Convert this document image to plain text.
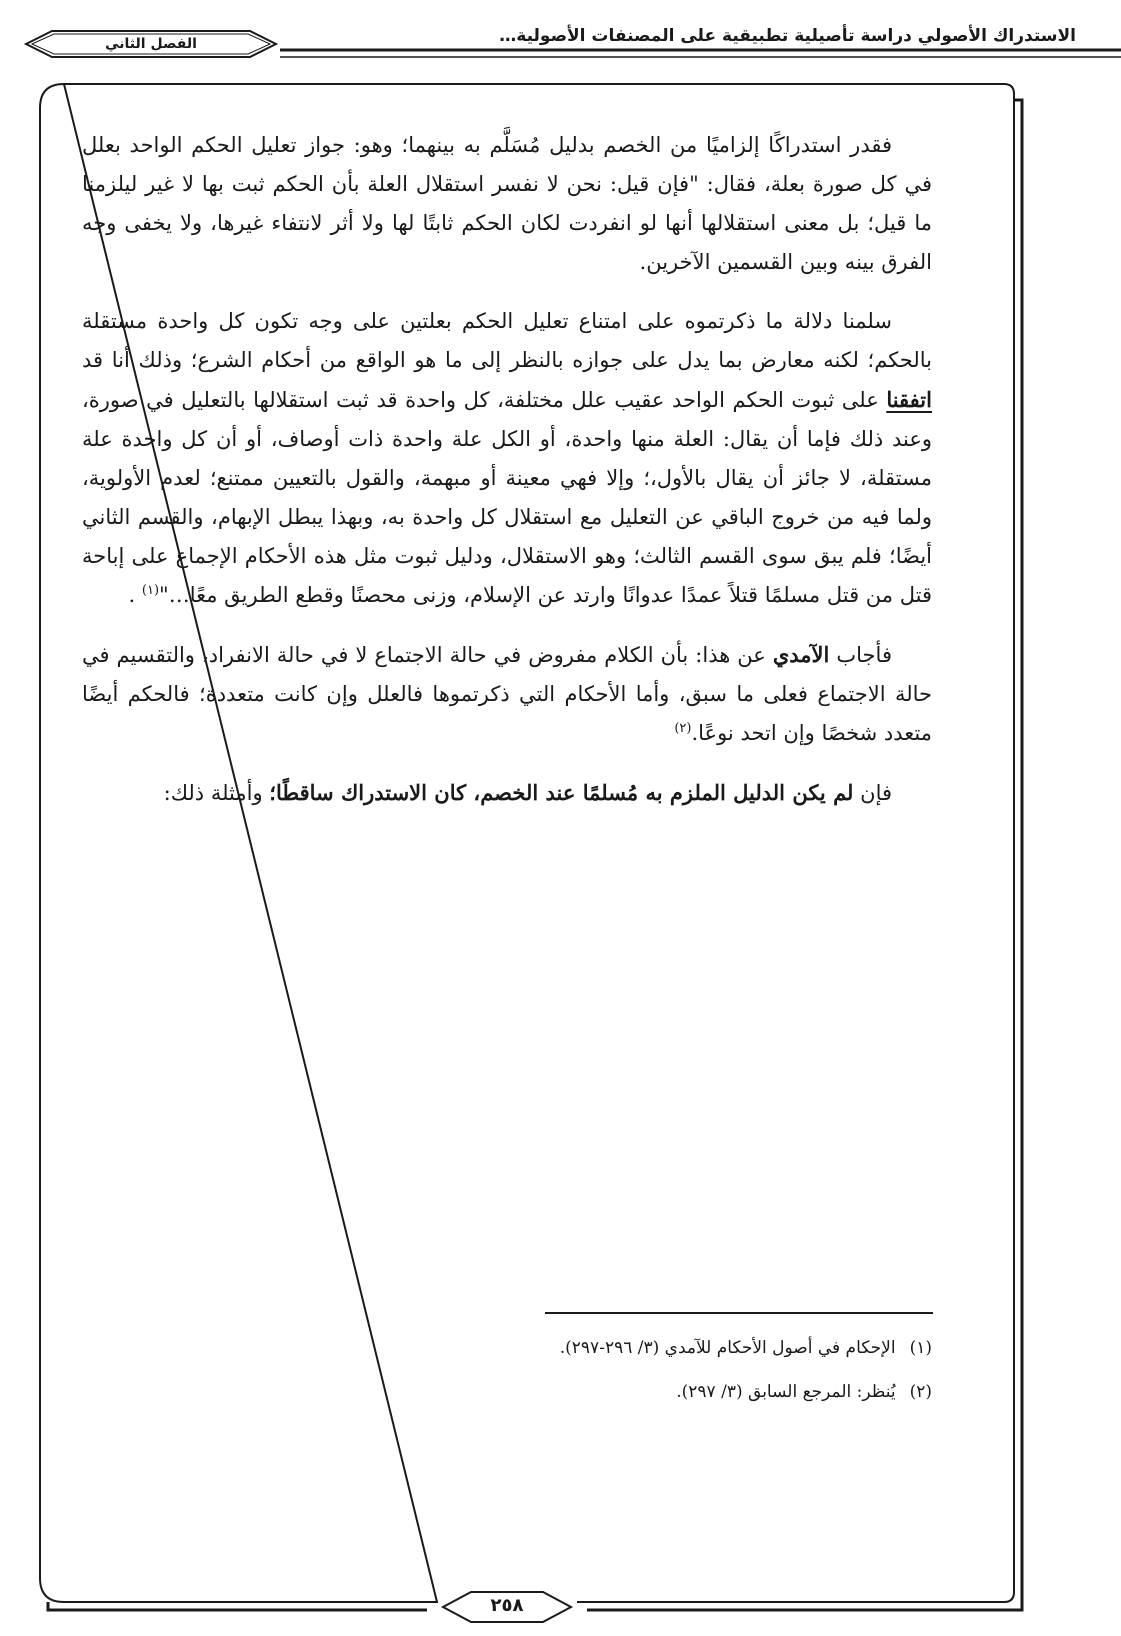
الاستدراك الأصولي دراسة تأصيلية تطبيقية على المصنفات الأصولية…
الفصل الثاني

فقدر استدراكًا إلزاميًا من الخصم بدليل مُسَلَّم به بينهما؛ وهو: جواز تعليل الحكم الواحد بعلل في كل صورة بعلة، فقال: "فإن قيل: نحن لا نفسر استقلال العلة بأن الحكم ثبت بها لا غير ليلزمنا ما قيل؛ بل معنى استقلالها أنها لو انفردت لكان الحكم ثابتًا لها ولا أثر لانتفاء غيرها، ولا يخفى وجه الفرق بينه وبين القسمين الآخرين.

سلمنا دلالة ما ذكرتموه على امتناع تعليل الحكم بعلتين على وجه تكون كل واحدة مستقلة بالحكم؛ لكنه معارض بما يدل على جوازه بالنظر إلى ما هو الواقع من أحكام الشرع؛ وذلك أنا قد اتفقنا على ثبوت الحكم الواحد عقيب علل مختلفة، كل واحدة قد ثبت استقلالها بالتعليل في صورة، وعند ذلك فإما أن يقال: العلة منها واحدة، أو الكل علة واحدة ذات أوصاف، أو أن كل واحدة علة مستقلة، لا جائز أن يقال بالأول،؛ وإلا فهي معينة أو مبهمة، والقول بالتعيين ممتنع؛ لعدم الأولوية، ولما فيه من خروج الباقي عن التعليل مع استقلال كل واحدة به، وبهذا يبطل الإبهام، والقسم الثاني أيضًا؛ فلم يبق سوى القسم الثالث؛ وهو الاستقلال، ودليل ثبوت مثل هذه الأحكام الإجماع على إباحة قتل من قتل مسلمًا قتلاً عمدًا عدوانًا وارتد عن الإسلام، وزنى محصنًا وقطع الطريق معًا…"$^{(١)}$ .

فأجاب الآمدي عن هذا: بأن الكلام مفروض في حالة الاجتماع لا في حالة الانفراد، والتقسيم في حالة الاجتماع فعلى ما سبق، وأما الأحكام التي ذكرتموها فالعلل وإن كانت متعددة؛ فالحكم أيضًا متعدد شخصًا وإن اتحد نوعًا.$^{(٢)}$

فإن لم يكن الدليل الملزم به مُسلمًا عند الخصم، كان الاستدراك ساقطًا؛ وأمثلة ذلك:

(١)الإحكام في أصول الأحكام للآمدي (٣/ ٢٩٦-٢٩٧).
(٢)يُنظر: المرجع السابق (٣/ ٢٩٧).
٢٥٨
